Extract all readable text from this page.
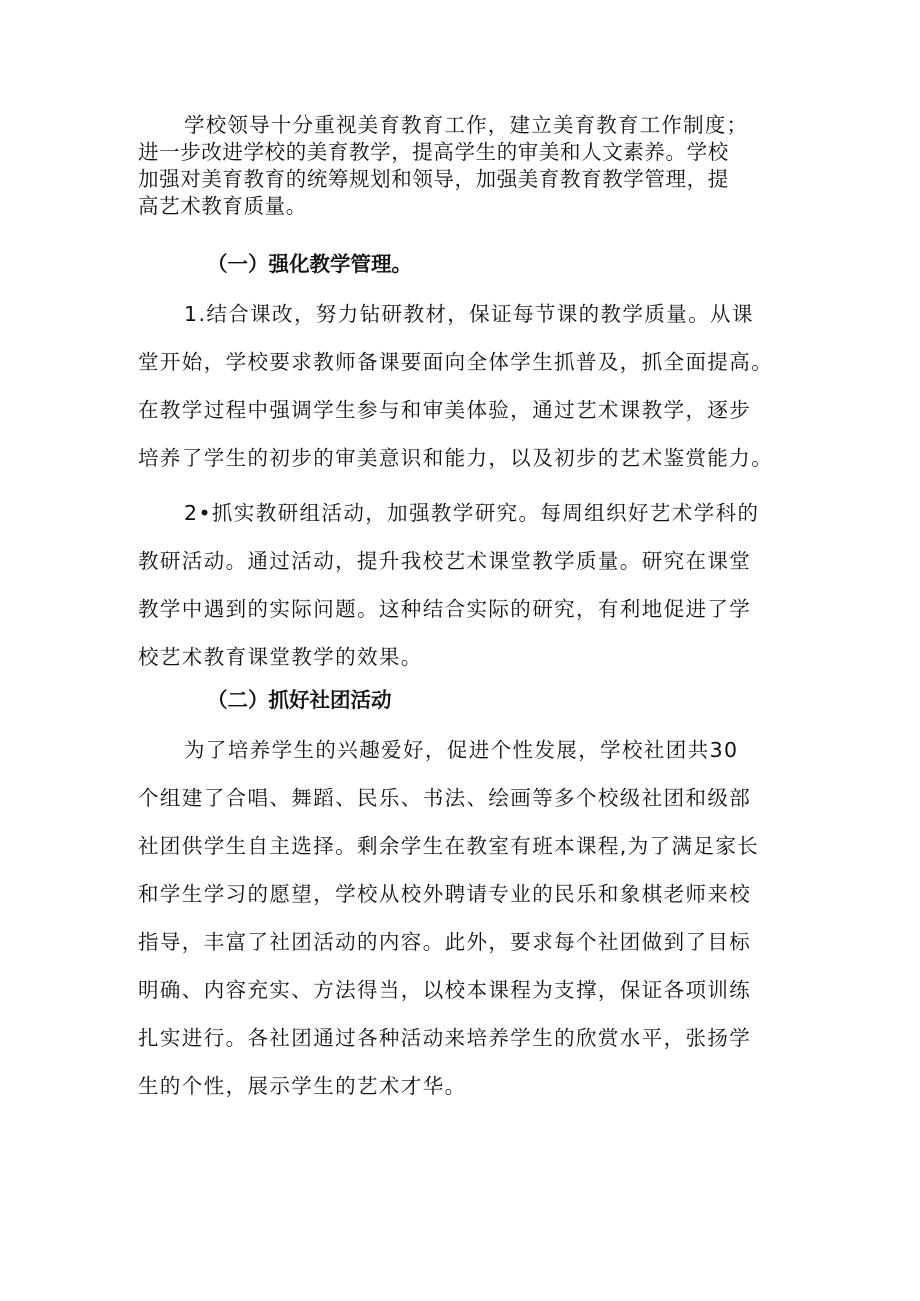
学校领导十分重视美育教育工作，建立美育教育工作制度；
进一步改进学校的美育教学，提高学生的审美和人文素养。学校
加强对美育教育的统筹规划和领导，加强美育教育教学管理，提
高艺术教育质量。
（一）强化教学管理。
1.结合课改，努力钻研教材，保证每节课的教学质量。从课
堂开始，学校要求教师备课要面向全体学生抓普及，抓全面提高。
在教学过程中强调学生参与和审美体验，通过艺术课教学，逐步
培养了学生的初步的审美意识和能力，以及初步的艺术鉴赏能力。
2•抓实教研组活动，加强教学研究。每周组织好艺术学科的
教研活动。通过活动，提升我校艺术课堂教学质量。研究在课堂
教学中遇到的实际问题。这种结合实际的研究，有利地促进了学
校艺术教育课堂教学的效果。
（二）抓好社团活动
为了培养学生的兴趣爱好，促进个性发展，学校社团共30
个组建了合唱、舞蹈、民乐、书法、绘画等多个校级社团和级部
社团供学生自主选择。剩余学生在教室有班本课程,为了满足家长
和学生学习的愿望，学校从校外聘请专业的民乐和象棋老师来校
指导，丰富了社团活动的内容。此外，要求每个社团做到了目标
明确、内容充实、方法得当，以校本课程为支撑，保证各项训练
扎实进行。各社团通过各种活动来培养学生的欣赏水平，张扬学
生的个性，展示学生的艺术才华。
